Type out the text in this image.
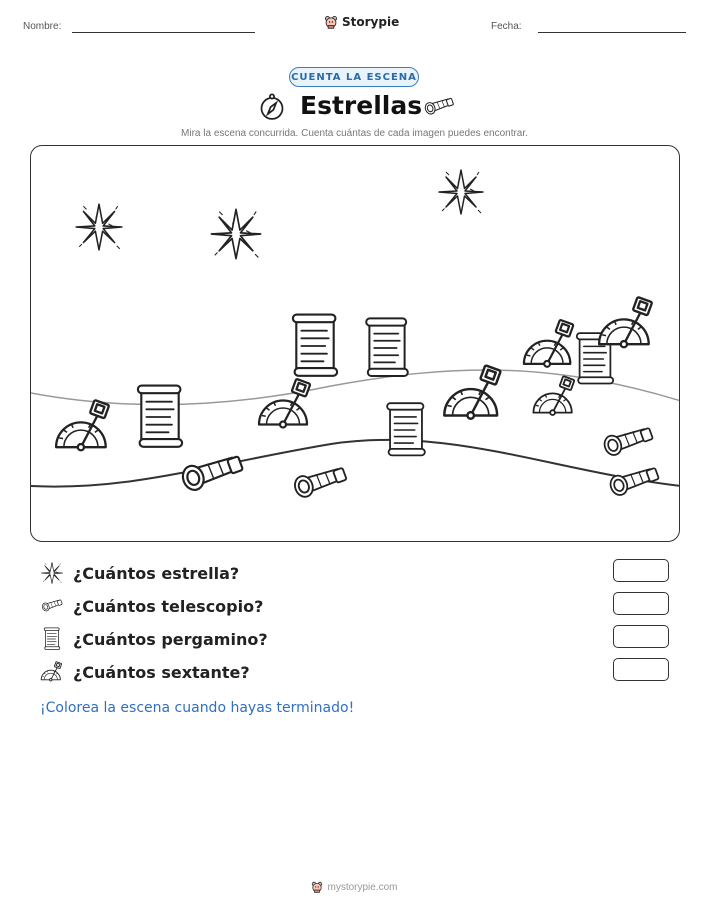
Nombre:	Storypie	Fecha:
CUENTA LA ESCENA
Estrellas
Mira la escena concurrida. Cuenta cuántas de cada imagen puedes encontrar.
¿Cuántos estrella?
¿Cuántos telescopio?
¿Cuántos pergamino?
¿Cuántos sextante?
¡Colorea la escena cuando hayas terminado!
mystorypie.com
